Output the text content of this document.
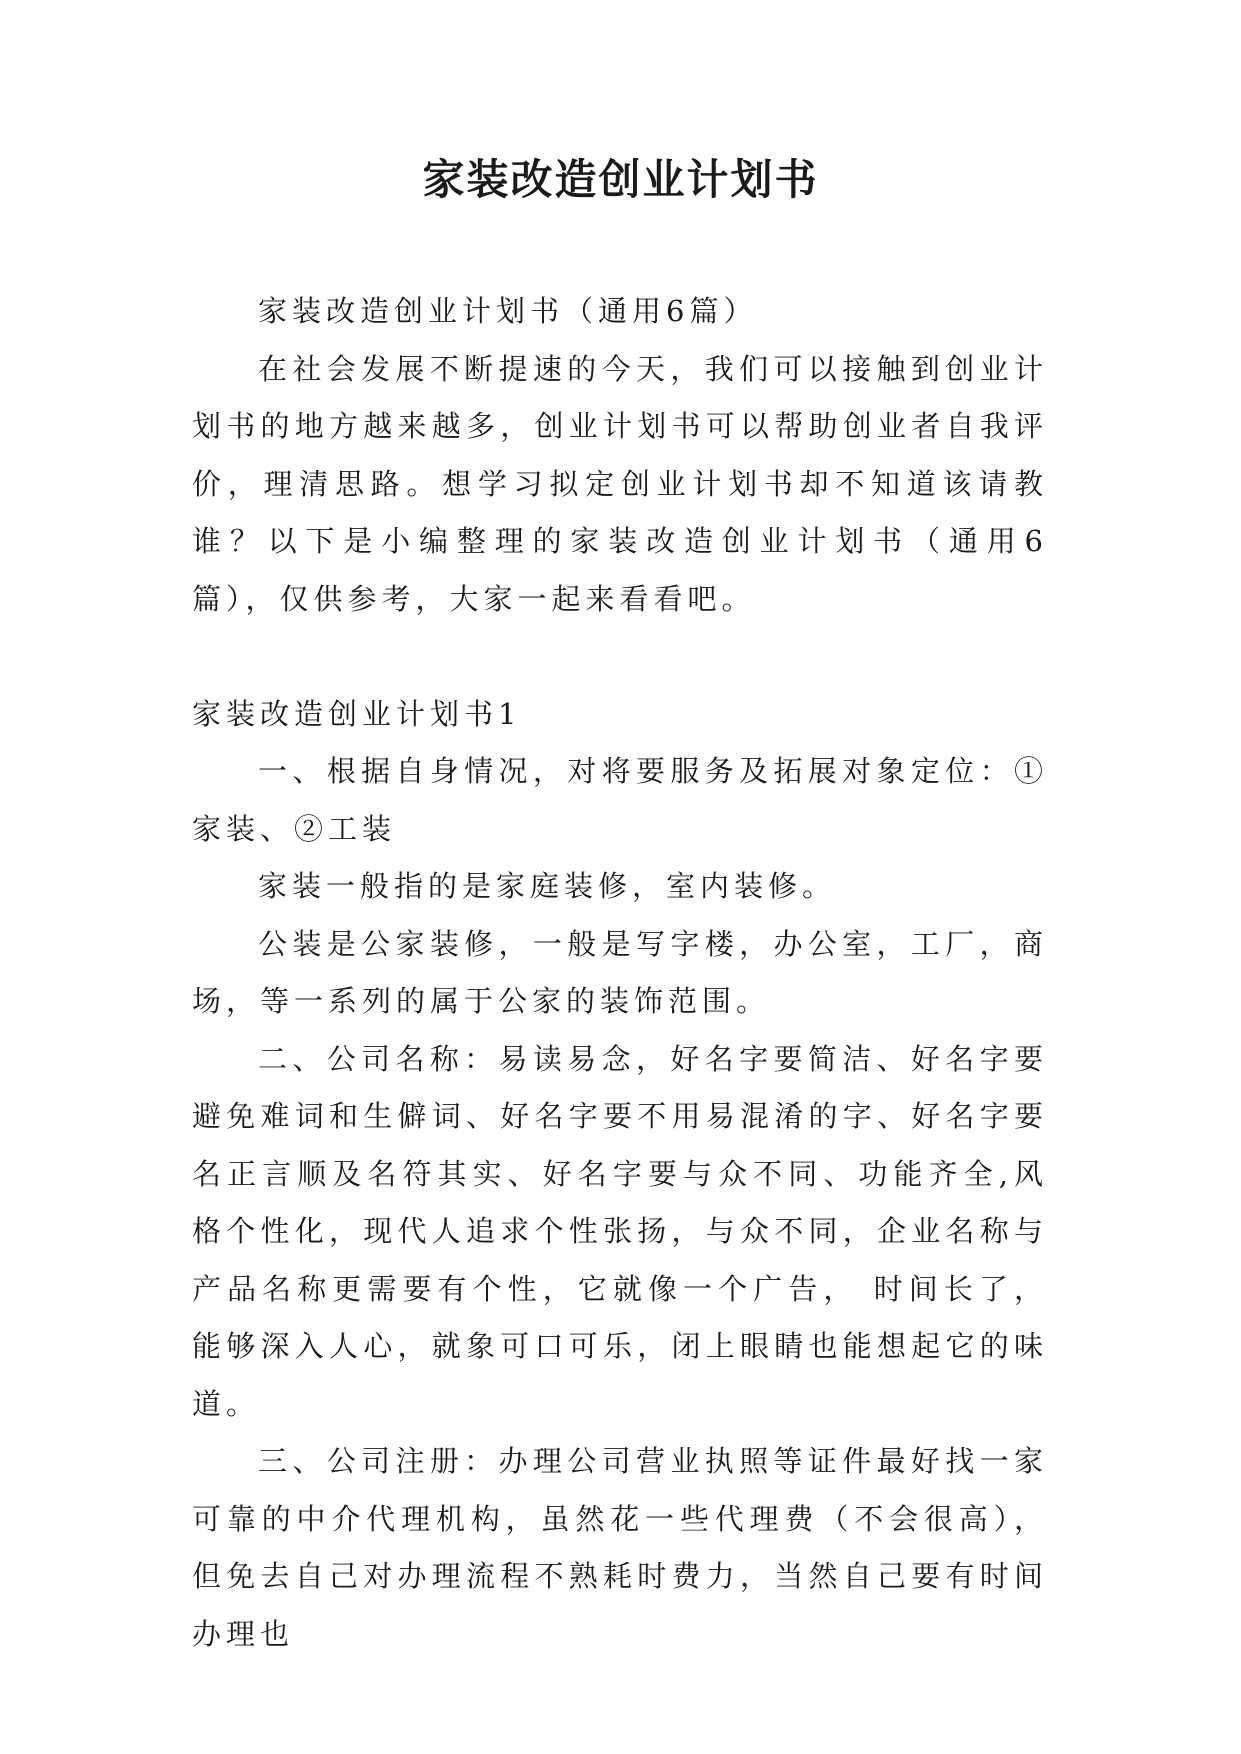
家装改造创业计划书

家装改造创业计划书（通用6篇）

在社会发展不断提速的今天，我们可以接触到创业计划书的地方越来越多，创业计划书可以帮助创业者自我评价，理清思路。想学习拟定创业计划书却不知道该请教谁？以下是小编整理的家装改造创业计划书（通用6篇），仅供参考，大家一起来看看吧。

家装改造创业计划书1

一、根据自身情况，对将要服务及拓展对象定位：①家装、②工装

家装一般指的是家庭装修，室内装修。

公装是公家装修，一般是写字楼，办公室，工厂，商场，等一系列的属于公家的装饰范围。

二、公司名称：易读易念，好名字要简洁、好名字要避免难词和生僻词、好名字要不用易混淆的字、好名字要名正言顺及名符其实、好名字要与众不同、功能齐全,风格个性化，现代人追求个性张扬，与众不同，企业名称与产品名称更需要有个性，它就像一个广告， 时间长了，能够深入人心，就象可口可乐，闭上眼睛也能想起它的味道。

三、公司注册：办理公司营业执照等证件最好找一家可靠的中介代理机构，虽然花一些代理费（不会很高），但免去自己对办理流程不熟耗时费力，当然自己要有时间办理也
